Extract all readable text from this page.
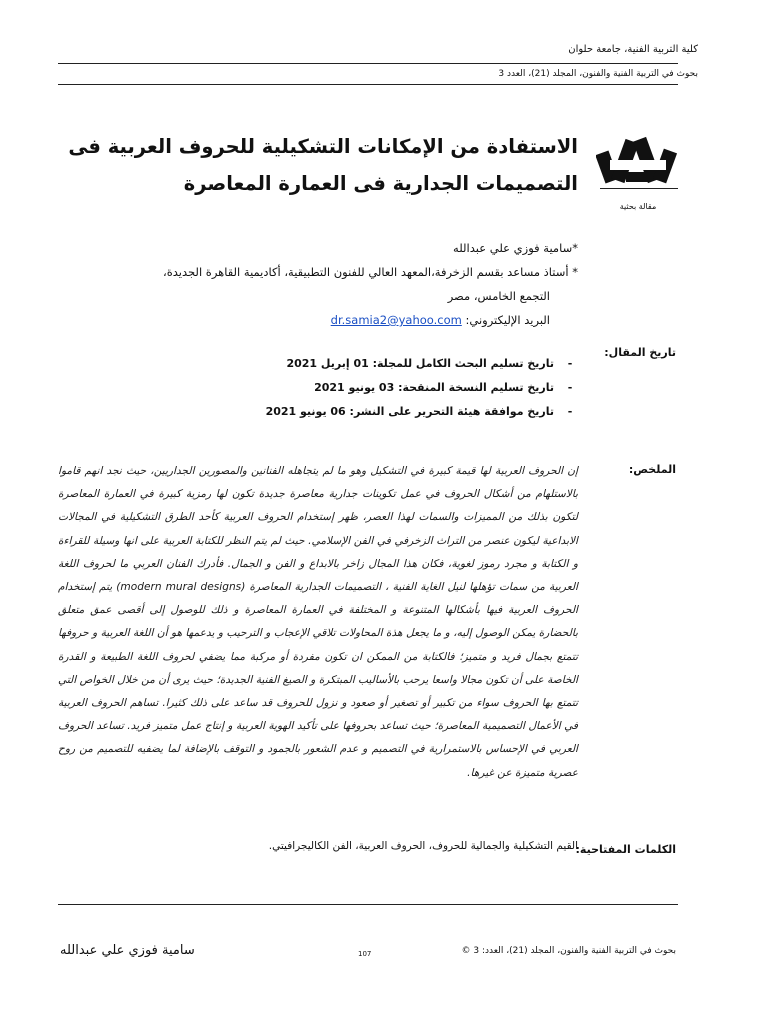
كلية التربية الفنية، جامعة حلوان
بحوث في التربية الفنية والفنون، المجلد (21)، العدد 3
مقالة بحثية
الاستفادة من الإمكانات التشكيلية للحروف العربية فى
التصميمات الجدارية فى العمارة المعاصرة
*سامية فوزي علي عبدالله
* أستاذ مساعد بقسم الزخرفة،المعهد العالي للفنون التطبيقية، أكاديمية القاهرة الجديدة،
التجمع الخامس، مصر
البريد الإليكتروني: dr.samia2@yahoo.com
تاريخ المقال:
-تاريخ تسليم البحث الكامل للمجلة: 01 إبريل 2021
-تاريخ تسليم النسخة المنقحة: 03 يونيو 2021
-تاريخ موافقة هيئة التحرير على النشر: 06 يونيو 2021
الملخص:
إن الحروف العربية لها قيمة كبيرة في التشكيل وهو ما لم يتجاهله الفنانين والمصورين الجداريين، حيث نجد انهم قاموا بالاستلهام من أشكال الحروف في عمل تكوينات جدارية معاصرة جديدة تكون لها رمزية كبيرة في العمارة المعاصرة لتكون بذلك من المميزات والسمات لهذا العصر، ظهر إستخدام الحروف العربية كأحد الطرق التشكيلية في المجالات الابداعية ليكون عنصر من التراث الزخرفي في الفن الإسلامي. حيث لم يتم النظر للكتابة العربية على انها وسيلة للقراءة و الكتابة و مجرد رموز لغوية، فكان هذا المجال زاخر بالابداع و الفن و الجمال. فأدرك الفنان العربي ما لحروف اللغة العربية من سمات تؤهلها لنيل الغاية الفنية ، التصميمات الجدارية المعاصرة (modern mural designs) يتم إستخدام الحروف العربية فيها بأشكالها المتنوعة و المختلفة في العمارة المعاصرة و ذلك للوصول إلى أقصى عمق متعلق بالحضارة يمكن الوصول إليه، و ما يجعل هذة المحاولات تلاقي الإعجاب و الترحيب و يدعمها هو أن اللغة العربية و حروفها تتمتع بجمال فريد و متميز؛ فالكتابة من الممكن ان تكون مفردة أو مركبة مما يضفي لحروف اللغة الطبيعة و القدرة الخاصة على أن تكون مجالا واسعا يرحب بالأساليب المبتكرة و الصيغ الفنية الجديدة؛ حيث يرى أن من خلال الخواص التي تتمتع بها الحروف سواء من تكبير أو تصغير أو صعود و نزول للحروف قد ساعد على ذلك كثيرا. تساهم الحروف العربية في الأعمال التصميمية المعاصرة؛ حيث تساعد بحروفها على تأكيد الهوية العربية و إنتاج عمل متميز فريد. تساعد الحروف العربي في الإحساس بالاستمرارية في التصميم و عدم الشعور بالجمود و التوقف بالإضافة لما يضفيه للتصميم من روح عصرية متميزة عن غيرها.
الكلمات المفتاحية:
القيم التشكيلية والجمالية للحروف، الحروف العربية، الفن الكاليجرافيتي.
سامية فوزي علي عبدالله	107	بحوث في التربية الفنية والفنون، المجلد (21)، العدد: 3 ©
